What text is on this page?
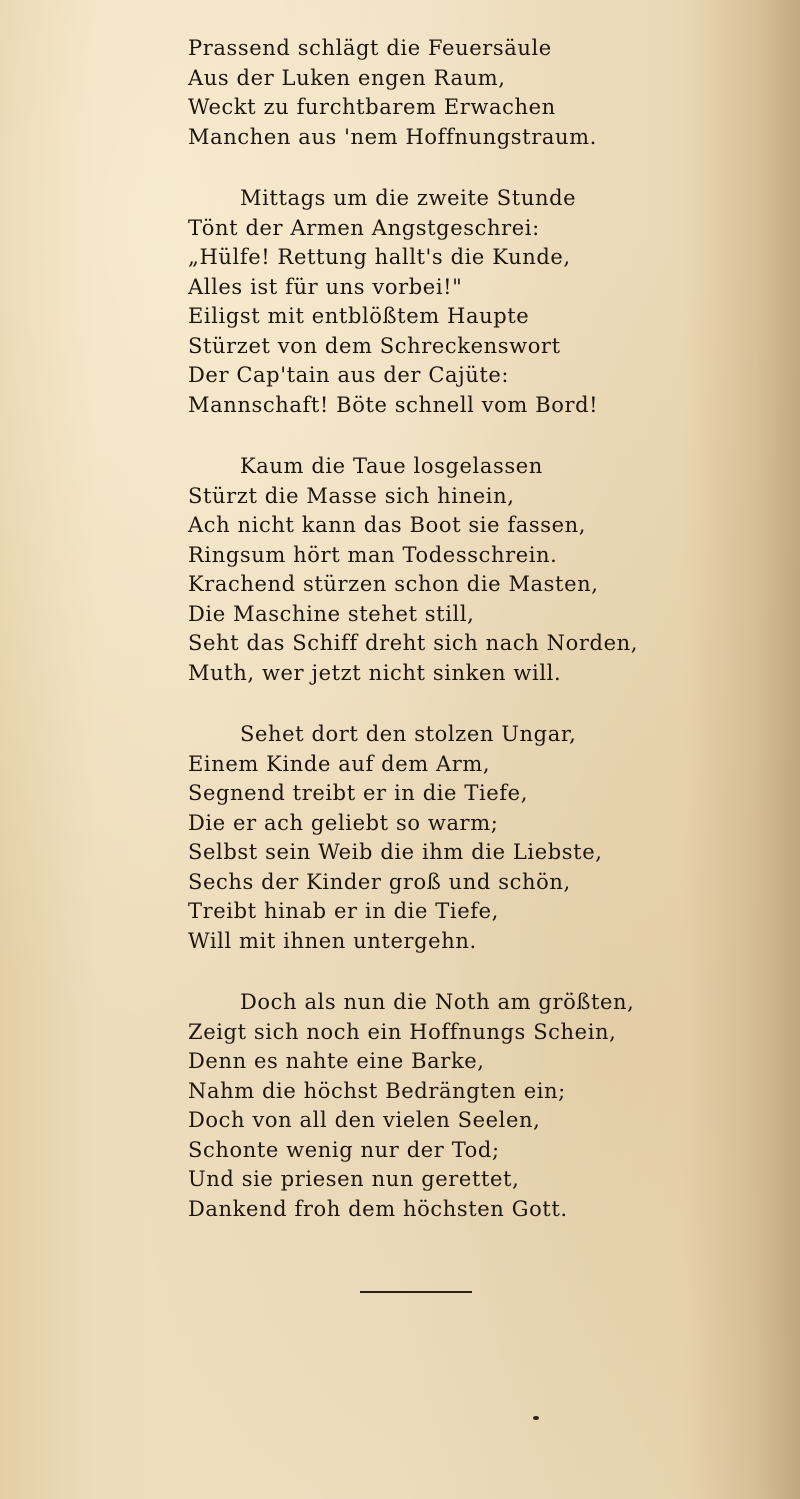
Prassend schlägt die Feuersäule
Aus der Luken engen Raum,
Weckt zu furchtbarem Erwachen
Manchen aus 'nem Hoffnungstraum.
Mittags um die zweite Stunde
Tönt der Armen Angstgeschrei:
„Hülfe! Rettung hallt's die Kunde,
Alles ist für uns vorbei!"
Eiligst mit entblößtem Haupte
Stürzet von dem Schreckenswort
Der Cap'tain aus der Cajüte:
Mannschaft! Böte schnell vom Bord!
Kaum die Taue losgelassen
Stürzt die Masse sich hinein,
Ach nicht kann das Boot sie fassen,
Ringsum hört man Todesschrein.
Krachend stürzen schon die Masten,
Die Maschine stehet still,
Seht das Schiff dreht sich nach Norden,
Muth, wer jetzt nicht sinken will.
Sehet dort den stolzen Ungar,
Einem Kinde auf dem Arm,
Segnend treibt er in die Tiefe,
Die er ach geliebt so warm;
Selbst sein Weib die ihm die Liebste,
Sechs der Kinder groß und schön,
Treibt hinab er in die Tiefe,
Will mit ihnen untergehn.
Doch als nun die Noth am größten,
Zeigt sich noch ein Hoffnungs Schein,
Denn es nahte eine Barke,
Nahm die höchst Bedrängten ein;
Doch von all den vielen Seelen,
Schonte wenig nur der Tod;
Und sie priesen nun gerettet,
Dankend froh dem höchsten Gott.
